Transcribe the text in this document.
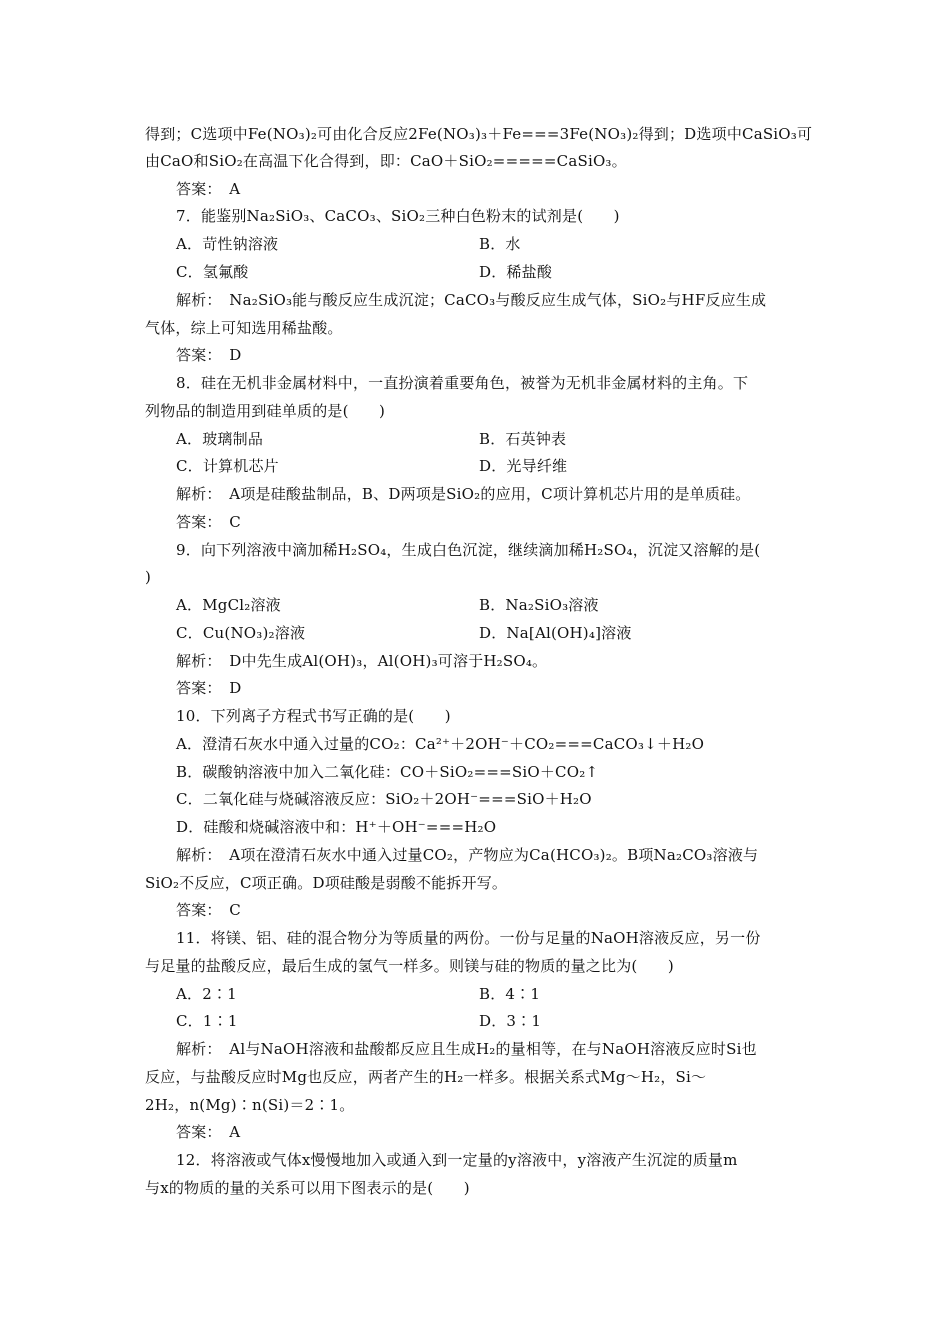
得到；C选项中Fe(NO₃)₂可由化合反应2Fe(NO₃)₃＋Fe===3Fe(NO₃)₂得到；D选项中CaSiO₃可
由CaO和SiO₂在高温下化合得到，即：CaO＋SiO₂=====CaSiO₃。
答案：　A
7．能鉴别Na₂SiO₃、CaCO₃、SiO₂三种白色粉末的试剂是(　　)
A．苛性钠溶液	B．水
C．氢氟酸	D．稀盐酸
解析：　Na₂SiO₃能与酸反应生成沉淀；CaCO₃与酸反应生成气体，SiO₂与HF反应生成
气体，综上可知选用稀盐酸。
答案：　D
8．硅在无机非金属材料中，一直扮演着重要角色，被誉为无机非金属材料的主角。下
列物品的制造用到硅单质的是(　　)
A．玻璃制品	B．石英钟表
C．计算机芯片	D．光导纤维
解析：　A项是硅酸盐制品，B、D两项是SiO₂的应用，C项计算机芯片用的是单质硅。
答案：　C
9．向下列溶液中滴加稀H₂SO₄，生成白色沉淀，继续滴加稀H₂SO₄，沉淀又溶解的是(
)
A．MgCl₂溶液	B．Na₂SiO₃溶液
C．Cu(NO₃)₂溶液	D．Na[Al(OH)₄]溶液
解析：　D中先生成Al(OH)₃，Al(OH)₃可溶于H₂SO₄。
答案：　D
10．下列离子方程式书写正确的是(　　)
A．澄清石灰水中通入过量的CO₂：Ca²⁺＋2OH⁻＋CO₂===CaCO₃↓＋H₂O
B．碳酸钠溶液中加入二氧化硅：CO＋SiO₂===SiO＋CO₂↑
C．二氧化硅与烧碱溶液反应：SiO₂＋2OH⁻===SiO＋H₂O
D．硅酸和烧碱溶液中和：H⁺＋OH⁻===H₂O
解析：　A项在澄清石灰水中通入过量CO₂，产物应为Ca(HCO₃)₂。B项Na₂CO₃溶液与
SiO₂不反应，C项正确。D项硅酸是弱酸不能拆开写。
答案：　C
11．将镁、铝、硅的混合物分为等质量的两份。一份与足量的NaOH溶液反应，另一份
与足量的盐酸反应，最后生成的氢气一样多。则镁与硅的物质的量之比为(　　)
A．2∶1	B．4∶1
C．1∶1	D．3∶1
解析：　Al与NaOH溶液和盐酸都反应且生成H₂的量相等，在与NaOH溶液反应时Si也
反应，与盐酸反应时Mg也反应，两者产生的H₂一样多。根据关系式Mg～H₂，Si～
2H₂，n(Mg)∶n(Si)＝2∶1。
答案：　A
12．将溶液或气体x慢慢地加入或通入到一定量的y溶液中，y溶液产生沉淀的质量m
与x的物质的量的关系可以用下图表示的是(　　)
